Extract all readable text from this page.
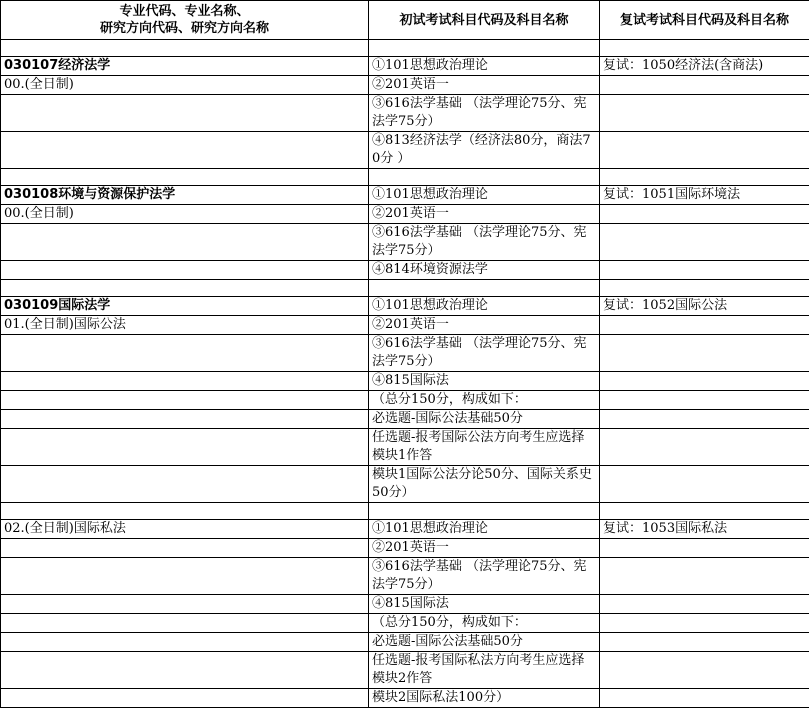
专业代码、专业名称、
研究方向代码、研究方向名称	初试考试科目代码及科目名称	复试考试科目代码及科目名称

030107经济法学	①101思想政治理论	复试：1050经济法(含商法)
00.(全日制)	②201英语一	
	③616法学基础 （法学理论75分、宪法学75分）	
	④813经济法学（经济法80分，商法70分 ）	

030108环境与资源保护法学	①101思想政治理论	复试：1051国际环境法
00.(全日制)	②201英语一	
	③616法学基础 （法学理论75分、宪法学75分）	
	④814环境资源法学	

030109国际法学	①101思想政治理论	复试：1052国际公法
01.(全日制)国际公法	②201英语一	
	③616法学基础 （法学理论75分、宪法学75分）	
	④815国际法	
	（总分150分，构成如下：	
	必选题-国际公法基础50分	
	任选题-报考国际公法方向考生应选择模块1作答	
	模块1国际公法分论50分、国际关系史50分）	

02.(全日制)国际私法	①101思想政治理论	复试：1053国际私法
	②201英语一	
	③616法学基础 （法学理论75分、宪法学75分）	
	④815国际法	
	（总分150分，构成如下：	
	必选题-国际公法基础50分	
	任选题-报考国际私法方向考生应选择模块2作答	
	模块2国际私法100分）	
